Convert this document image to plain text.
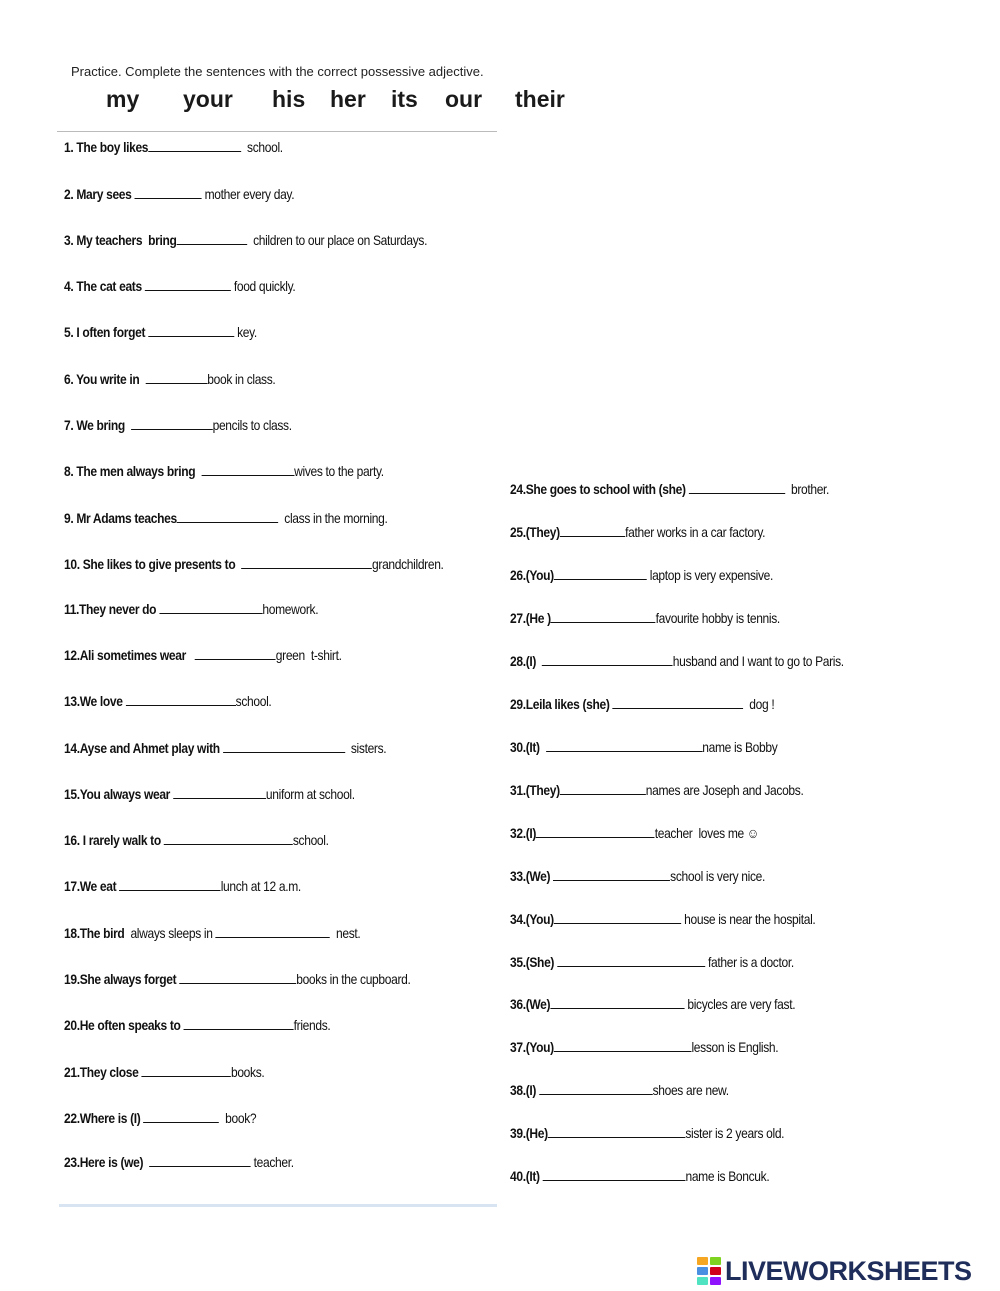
Practice. Complete the sentences with the correct possessive adjective.
my your his her its our their
1. The boy likes	school.
2. Mary sees	mother every day.
3. My teachers  bring	children to our place on Saturdays.
4. The cat eats	food quickly.
5. I often forget	key.
6. You write in	book in class.
7. We bring	pencils to class.
8. The men always bring	wives to the party.
9. Mr Adams teaches	class in the morning.
10. She likes to give presents to	grandchildren.
11.They never do	homework.
12.Ali sometimes wear	green  t-shirt.
13.We love	school.
14.Ayse and Ahmet play with	sisters.
15.You always wear	uniform at school.
16. I rarely walk to	school.
17.We eat	lunch at 12 a.m.
18.The bird  always sleeps in	nest.
19.She always forget	books in the cupboard.
20.He often speaks to	friends.
21.They close	books.
22.Where is (I)	book?
23.Here is (we)	teacher.
24.She goes to school with (she)	brother.
25.(They)	father works in a car factory.
26.(You)	laptop is very expensive.
27.(He )	favourite hobby is tennis.
28.(I)	husband and I want to go to Paris.
29.Leila likes (she)	dog !
30.(It)	name is Bobby
31.(They)	names are Joseph and Jacobs.
32.(I)	teacher  loves me ☺
33.(We)	school is very nice.
34.(You)	house is near the hospital.
35.(She)	father is a doctor.
36.(We)	bicycles are very fast.
37.(You)	lesson is English.
38.(I)	shoes are new.
39.(He)	sister is 2 years old.
40.(It)	name is Boncuk.
LIVEWORKSHEETS
